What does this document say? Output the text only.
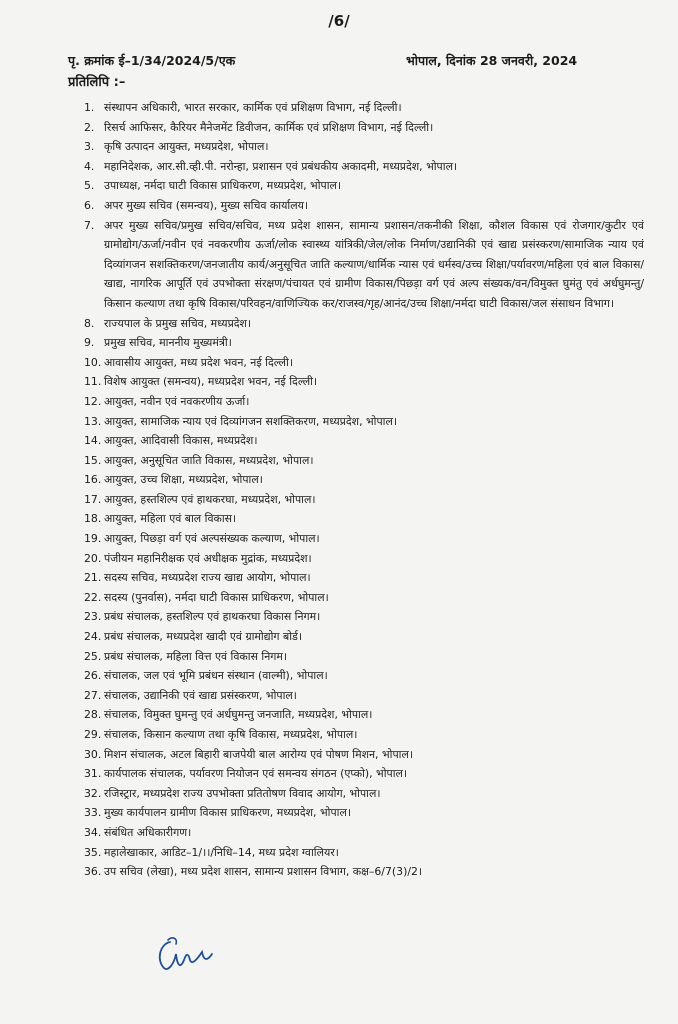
/6/
पृ. क्रमांक ई–1/34/2024/5/एक	भोपाल, दिनांक 28 जनवरी, 2024
प्रतिलिपि :–
1. संस्थापन अधिकारी, भारत सरकार, कार्मिक एवं प्रशिक्षण विभाग, नई दिल्ली।
2. रिसर्च आफिसर, कैरियर मैनेजमेंट डिवीजन, कार्मिक एवं प्रशिक्षण विभाग, नई दिल्ली।
3. कृषि उत्पादन आयुक्त, मध्यप्रदेश, भोपाल।
4. महानिदेशक, आर.सी.व्ही.पी. नरोन्हा, प्रशासन एवं प्रबंधकीय अकादमी, मध्यप्रदेश, भोपाल।
5. उपाध्यक्ष, नर्मदा घाटी विकास प्राधिकरण, मध्यप्रदेश, भोपाल।
6. अपर मुख्य सचिव (समन्वय), मुख्य सचिव कार्यालय।
7. अपर मुख्य सचिव/प्रमुख सचिव/सचिव, मध्य प्रदेश शासन, सामान्य प्रशासन/तकनीकी शिक्षा, कौशल विकास एवं रोजगार/कुटीर एवं ग्रामोद्योग/ऊर्जा/नवीन एवं नवकरणीय ऊर्जा/लोक स्वास्थ्य यांत्रिकी/जेल/लोक निर्माण/उद्यानिकी एवं खाद्य प्रसंस्करण/सामाजिक न्याय एवं दिव्यांगजन सशक्तिकरण/जनजातीय कार्य/अनुसूचित जाति कल्याण/धार्मिक न्यास एवं धर्मस्व/उच्च शिक्षा/पर्यावरण/महिला एवं बाल विकास/खाद्य, नागरिक आपूर्ति एवं उपभोक्ता संरक्षण/पंचायत एवं ग्रामीण विकास/पिछड़ा वर्ग एवं अल्प संख्यक/वन/विमुक्त घुमंतु एवं अर्धघुमन्तु/किसान कल्याण तथा कृषि विकास/परिवहन/वाणिज्यिक कर/राजस्व/गृह/आनंद/उच्च शिक्षा/नर्मदा घाटी विकास/जल संसाधन विभाग।
8. राज्यपाल के प्रमुख सचिव, मध्यप्रदेश।
9. प्रमुख सचिव, माननीय मुख्यमंत्री।
10. आवासीय आयुक्त, मध्य प्रदेश भवन, नई दिल्ली।
11. विशेष आयुक्त (समन्वय), मध्यप्रदेश भवन, नई दिल्ली।
12. आयुक्त, नवीन एवं नवकरणीय ऊर्जा।
13. आयुक्त, सामाजिक न्याय एवं दिव्यांगजन सशक्तिकरण, मध्यप्रदेश, भोपाल।
14. आयुक्त, आदिवासी विकास, मध्यप्रदेश।
15. आयुक्त, अनुसूचित जाति विकास, मध्यप्रदेश, भोपाल।
16. आयुक्त, उच्च शिक्षा, मध्यप्रदेश, भोपाल।
17. आयुक्त, हस्तशिल्प एवं हाथकरघा, मध्यप्रदेश, भोपाल।
18. आयुक्त, महिला एवं बाल विकास।
19. आयुक्त, पिछड़ा वर्ग एवं अल्पसंख्यक कल्याण, भोपाल।
20. पंजीयन महानिरीक्षक एवं अधीक्षक मुद्रांक, मध्यप्रदेश।
21. सदस्य सचिव, मध्यप्रदेश राज्य खाद्य आयोग, भोपाल।
22. सदस्य (पुनर्वास), नर्मदा घाटी विकास प्राधिकरण, भोपाल।
23. प्रबंध संचालक, हस्तशिल्प एवं हाथकरघा विकास निगम।
24. प्रबंध संचालक, मध्यप्रदेश खादी एवं ग्रामोद्योग बोर्ड।
25. प्रबंध संचालक, महिला वित्त एवं विकास निगम।
26. संचालक, जल एवं भूमि प्रबंधन संस्थान (वाल्मी), भोपाल।
27. संचालक, उद्यानिकी एवं खाद्य प्रसंस्करण, भोपाल।
28. संचालक, विमुक्त घुमन्तु एवं अर्धघुमन्तु जनजाति, मध्यप्रदेश, भोपाल।
29. संचालक, किसान कल्याण तथा कृषि विकास, मध्यप्रदेश, भोपाल।
30. मिशन संचालक, अटल बिहारी बाजपेयी बाल आरोग्य एवं पोषण मिशन, भोपाल।
31. कार्यपालक संचालक, पर्यावरण नियोजन एवं समन्वय संगठन (एप्को), भोपाल।
32. रजिस्ट्रार, मध्यप्रदेश राज्य उपभोक्ता प्रतितोषण विवाद आयोग, भोपाल।
33. मुख्य कार्यपालन ग्रामीण विकास प्राधिकरण, मध्यप्रदेश, भोपाल।
34. संबंधित अधिकारीगण।
35. महालेखाकार, आडिट–1/।।/निधि–14, मध्य प्रदेश ग्वालियर।
36. उप सचिव (लेखा), मध्य प्रदेश शासन, सामान्य प्रशासन विभाग, कक्ष–6/7(3)/2।
